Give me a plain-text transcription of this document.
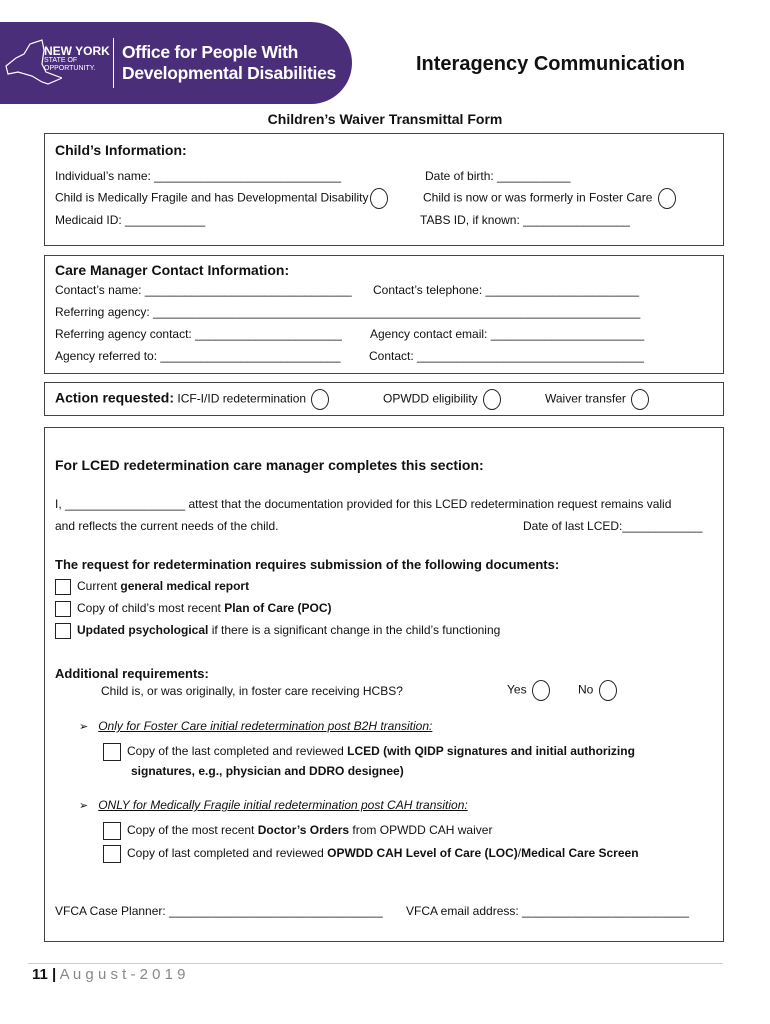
NEW YORK
STATE OF
OPPORTUNITY.
Office for People With
Developmental Disabilities	Interagency Communication
Children’s Waiver Transmittal Form
Child’s Information:
Individual’s name: ____________________________	Date of birth: ___________
Child is Medically Fragile and has Developmental Disability	Child is now or was formerly in Foster Care
Medicaid ID: ____________	TABS ID, if known: ________________
Care Manager Contact Information:
Contact’s name: _______________________________ Contact’s telephone: _______________________
Referring agency: _________________________________________________________________________
Referring agency contact: ______________________ Agency contact email: _______________________
Agency referred to: ___________________________ Contact: __________________________________
Action requested: ICF-I/ID redetermination	OPWDD eligibility	Waiver transfer
For LCED redetermination care manager completes this section:
I, __________________ attest that the documentation provided for this LCED redetermination request remains valid
and reflects the current needs of the child.	Date of last LCED:____________
The request for redetermination requires submission of the following documents:
Current general medical report
Copy of child’s most recent Plan of Care (POC)
Updated psychological if there is a significant change in the child’s functioning
Additional requirements:
Child is, or was originally, in foster care receiving HCBS?	Yes	No
➢ Only for Foster Care initial redetermination post B2H transition:
Copy of the last completed and reviewed LCED (with QIDP signatures and initial authorizing
signatures, e.g., physician and DDRO designee)
➢ ONLY for Medically Fragile initial redetermination post CAH transition:
Copy of the most recent Doctor’s Orders from OPWDD CAH waiver
Copy of last completed and reviewed OPWDD CAH Level of Care (LOC)/Medical Care Screen
VFCA Case Planner: ________________________________ VFCA email address: _________________________
11 | A u g u s t - 2 0 1 9
